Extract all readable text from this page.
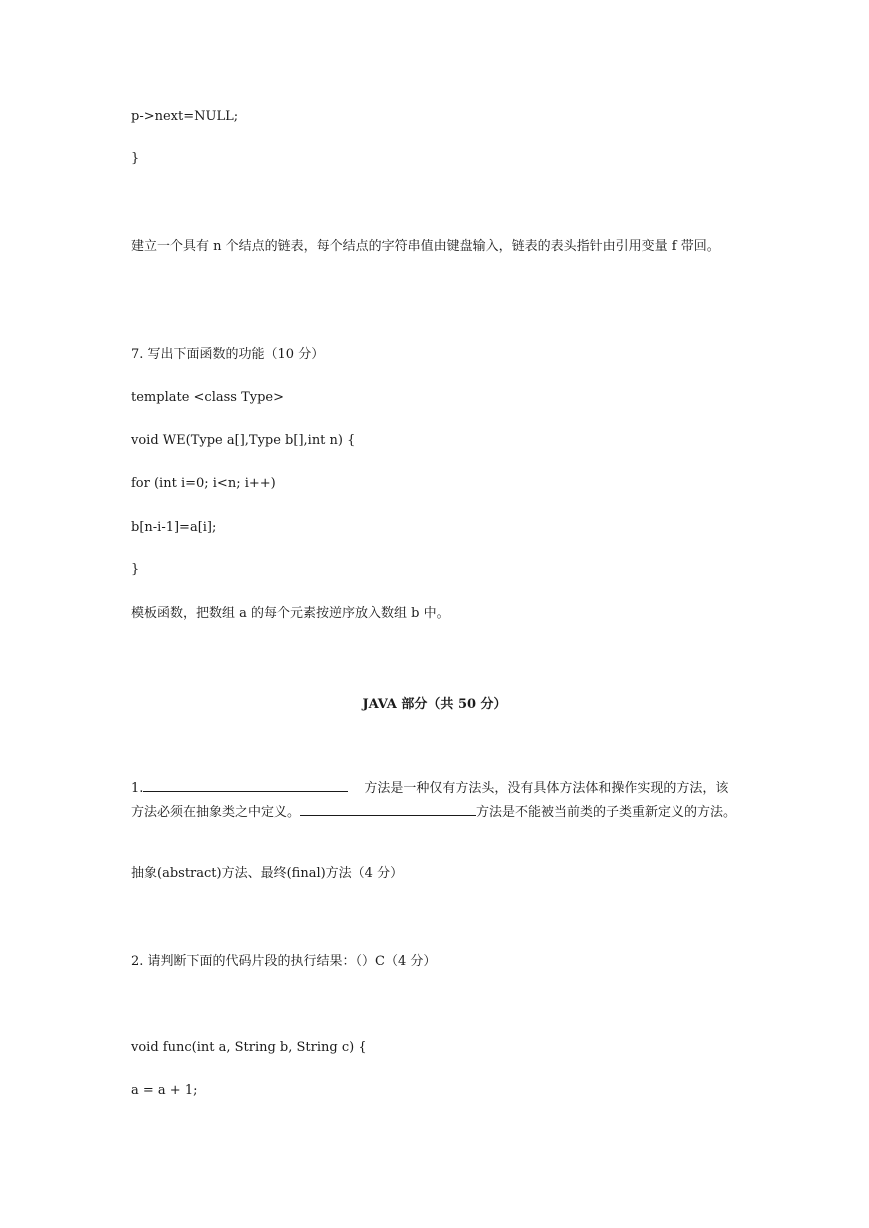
p->next=NULL;
}
建立一个具有 n 个结点的链表，每个结点的字符串值由键盘输入，链表的表头指针由引用变量 f 带回。
7. 写出下面函数的功能（10 分）
template <class Type>
void WE(Type a[],Type b[],int n) {
for (int i=0; i<n; i++)
b[n-i-1]=a[i];
}
模板函数，把数组 a 的每个元素按逆序放入数组 b 中。
JAVA 部分（共 50 分）
1.	方法是一种仅有方法头，没有具体方法体和操作实现的方法，该方法必须在抽象类之中定义。	方法是不能被当前类的子类重新定义的方法。
抽象(abstract)方法、最终(final)方法（4 分）
2. 请判断下面的代码片段的执行结果：（）C（4 分）
void func(int a, String b, String c) {
a = a + 1;
